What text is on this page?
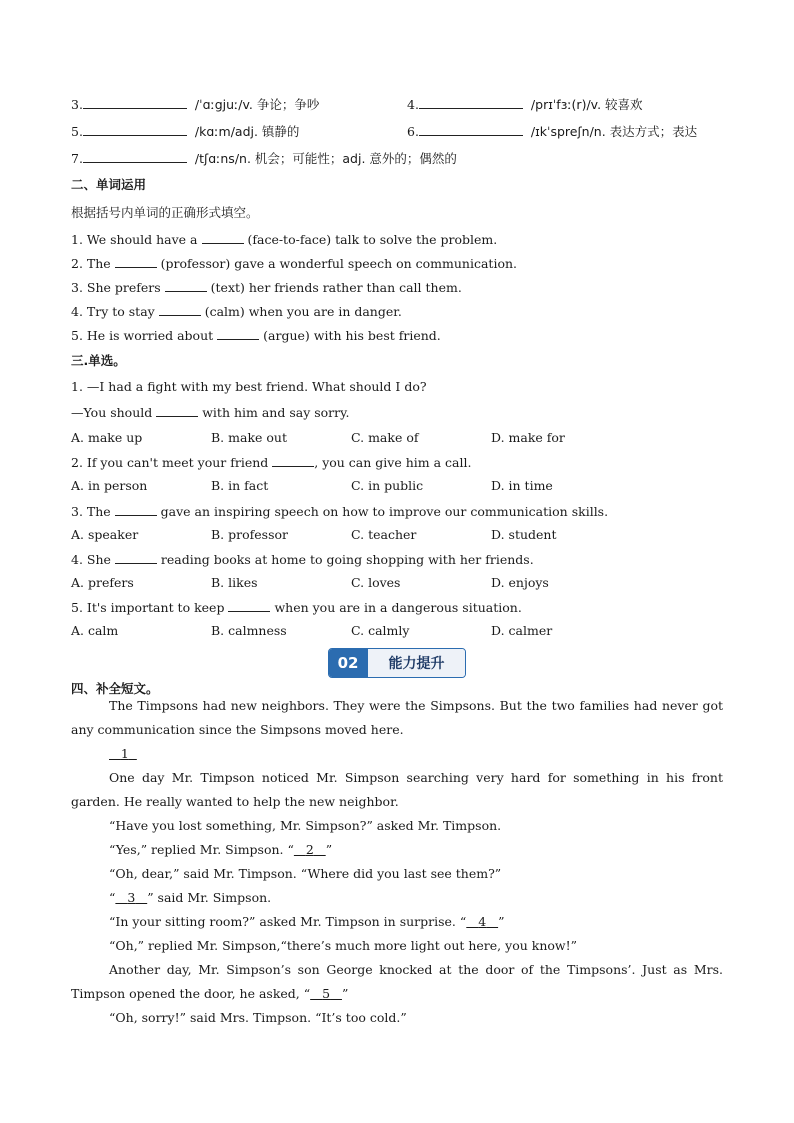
3.	/ˈɑːgjuː/v. 争论；争吵	4.	/prɪˈfɜː(r)/v. 较喜欢
5.	/kɑːm/adj. 镇静的	6.	/ɪkˈspreʃn/n. 表达方式；表达
7.	/tʃɑːns/n. 机会；可能性；adj. 意外的；偶然的
二、单词运用
根据括号内单词的正确形式填空。
1. We should have a	(face-to-face) talk to solve the problem.
2. The	(professor) gave a wonderful speech on communication.
3. She prefers	(text) her friends rather than call them.
4. Try to stay	(calm) when you are in danger.
5. He is worried about	(argue) with his best friend.
三.单选。
1. —I had a fight with my best friend. What should I do?
—You should	with him and say sorry.
A. make up	B. make out	C. make of	D. make for
2. If you can't meet your friend	, you can give him a call.
A. in person	B. in fact	C. in public	D. in time
3. The	gave an inspiring speech on how to improve our communication skills.
A. speaker	B. professor	C. teacher	D. student
4. She	reading books at home to going shopping with her friends.
A. prefers	B. likes	C. loves	D. enjoys
5. It's important to keep	when you are in a dangerous situation.
A. calm	B. calmness	C. calmly	D. calmer
02	能力提升
四、补全短文。
The Timpsons had new neighbors. They were the Simpsons. But the two families had never got any communication since the Simpsons moved here.
1
One day Mr. Timpson noticed Mr. Simpson searching very hard for something in his front garden. He really wanted to help the new neighbor.
“Have you lost something, Mr. Simpson?” asked Mr. Timpson.
“Yes,” replied Mr. Simpson. “ 2 ”
“Oh, dear,” said Mr. Timpson. “Where did you last see them?”
“ 3 ” said Mr. Simpson.
“In your sitting room?” asked Mr. Timpson in surprise. “ 4 ”
“Oh,” replied Mr. Simpson,“there’s much more light out here, you know!”
Another day, Mr. Simpson’s son George knocked at the door of the Timpsons’. Just as Mrs. Timpson opened the door, he asked, “ 5 ”
“Oh, sorry!” said Mrs. Timpson. “It’s too cold.”
